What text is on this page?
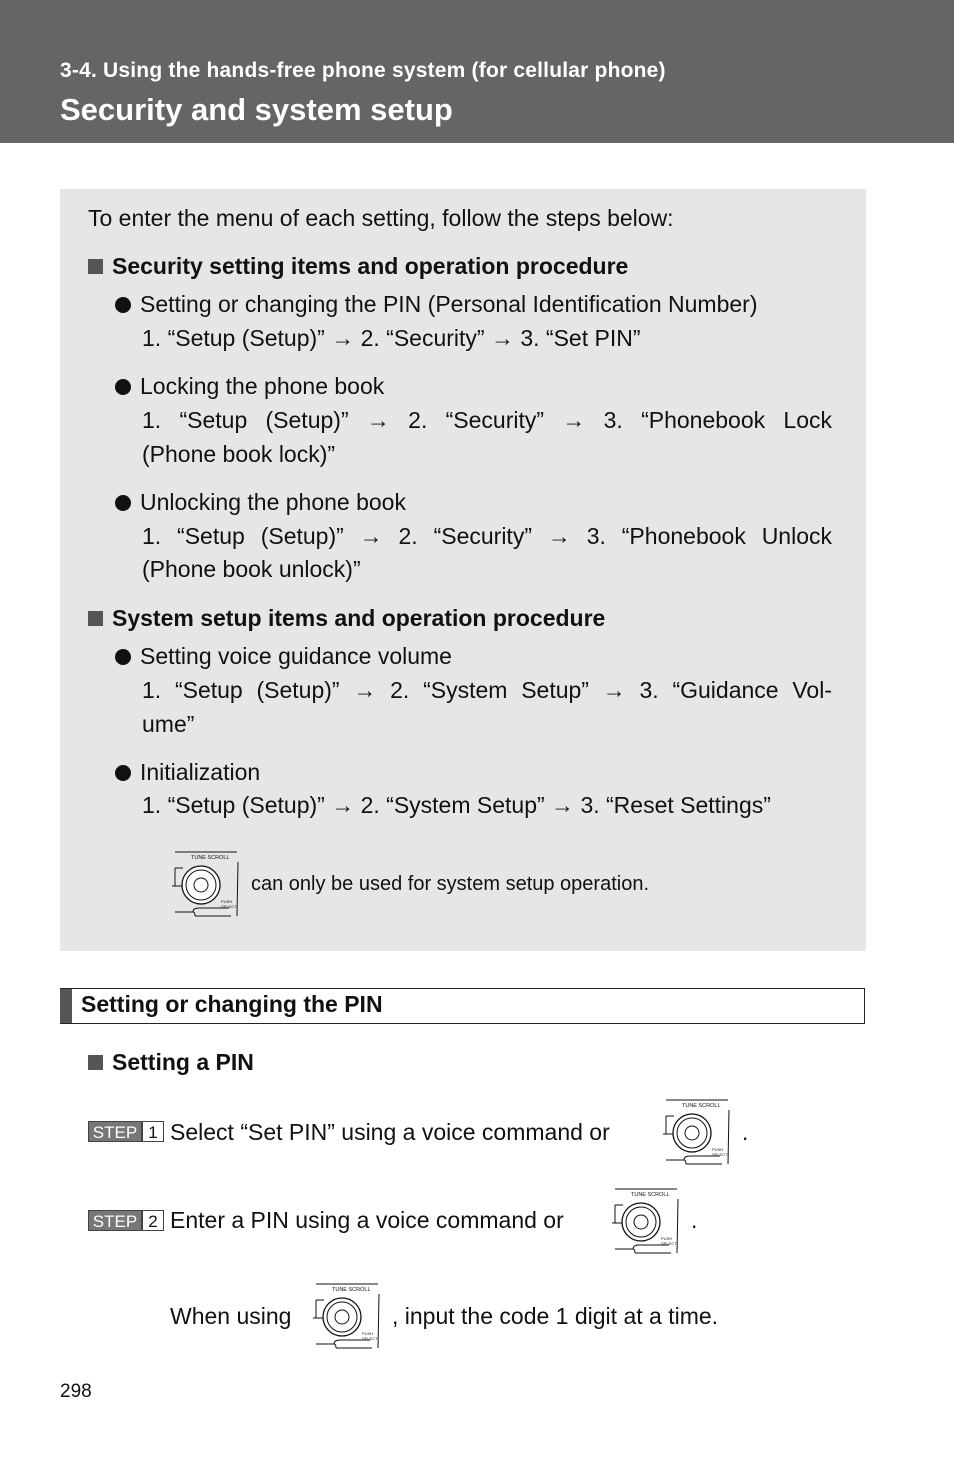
3-4. Using the hands-free phone system (for cellular phone)
Security and system setup
To enter the menu of each setting, follow the steps below:
Security setting items and operation procedure
Setting or changing the PIN (Personal Identification Number)
1. “Setup (Setup)” → 2. “Security” → 3. “Set PIN”
Locking the phone book
1. “Setup (Setup)” → 2. “Security” → 3. “Phonebook Lock
(Phone book lock)”
Unlocking the phone book
1. “Setup (Setup)” → 2. “Security” → 3. “Phonebook Unlock
(Phone book unlock)”
System setup items and operation procedure
Setting voice guidance volume
1. “Setup (Setup)” → 2. “System Setup” → 3. “Guidance Vol-
ume”
Initialization
1. “Setup (Setup)” → 2. “System Setup” → 3. “Reset Settings”
TUNE SCROLL
PUSH
SELECT
can only be used for system setup operation.
Setting or changing the PIN
Setting a PIN
STEP 1 Select “Set PIN” using a voice command or
TUNE SCROLL
PUSH
SELECT
.
STEP 2 Enter a PIN using a voice command or
TUNE SCROLL
PUSH
SELECT
.
When using
TUNE SCROLL
PUSH
SELECT
, input the code 1 digit at a time.
298
